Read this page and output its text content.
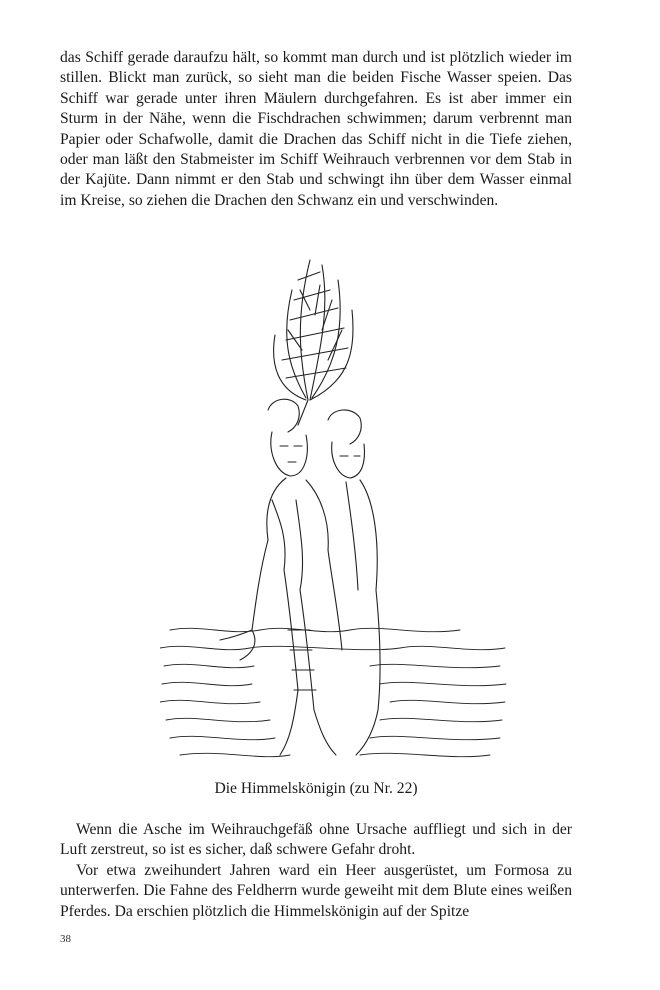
das Schiff gerade daraufzu hält, so kommt man durch und ist plötzlich wieder im stillen. Blickt man zurück, so sieht man die beiden Fische Wasser speien. Das Schiff war gerade unter ihren Mäulern durchgefahren. Es ist aber immer ein Sturm in der Nähe, wenn die Fischdrachen schwimmen; darum verbrennt man Papier oder Schafwolle, damit die Drachen das Schiff nicht in die Tiefe ziehen, oder man läßt den Stabmeister im Schiff Weihrauch verbrennen vor dem Stab in der Kajüte. Dann nimmt er den Stab und schwingt ihn über dem Wasser einmal im Kreise, so ziehen die Drachen den Schwanz ein und verschwinden.

Die Himmelskönigin (zu Nr. 22)

Wenn die Asche im Weihrauchgefäß ohne Ursache auffliegt und sich in der Luft zerstreut, so ist es sicher, daß schwere Gefahr droht.

Vor etwa zweihundert Jahren ward ein Heer ausgerüstet, um Formosa zu unterwerfen. Die Fahne des Feldherrn wurde geweiht mit dem Blute eines weißen Pferdes. Da erschien plötzlich die Himmelskönigin auf der Spitze

38
